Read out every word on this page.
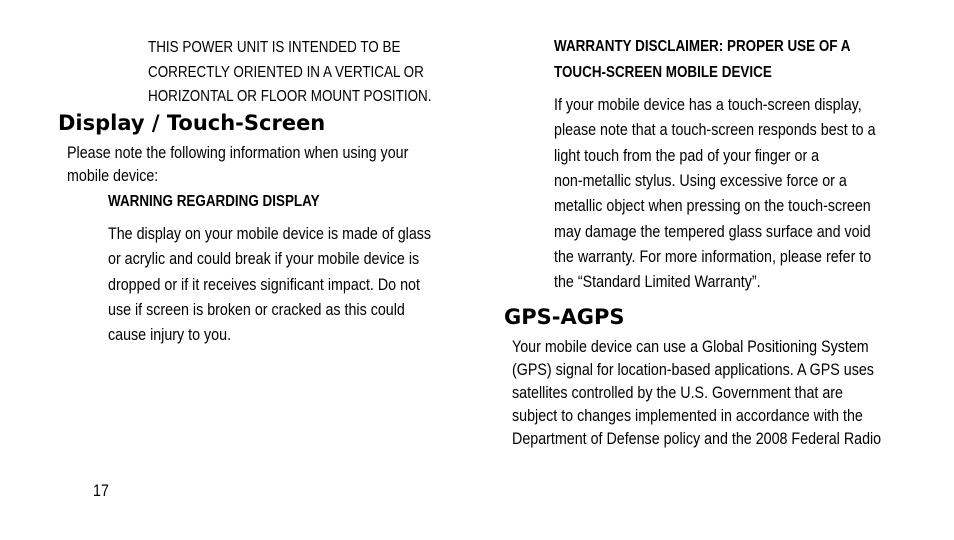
THIS POWER UNIT IS INTENDED TO BE
CORRECTLY ORIENTED IN A VERTICAL OR
HORIZONTAL OR FLOOR MOUNT POSITION.
Display / Touch-Screen
Please note the following information when using your
mobile device:
WARNING REGARDING DISPLAY
The display on your mobile device is made of glass
or acrylic and could break if your mobile device is
dropped or if it receives significant impact. Do not
use if screen is broken or cracked as this could
cause injury to you.
WARRANTY DISCLAIMER: PROPER USE OF A
TOUCH-SCREEN MOBILE DEVICE
If your mobile device has a touch-screen display,
please note that a touch-screen responds best to a
light touch from the pad of your finger or a
non-metallic stylus. Using excessive force or a
metallic object when pressing on the touch-screen
may damage the tempered glass surface and void
the warranty. For more information, please refer to
the “Standard Limited Warranty”.
GPS-AGPS
Your mobile device can use a Global Positioning System
(GPS) signal for location-based applications. A GPS uses
satellites controlled by the U.S. Government that are
subject to changes implemented in accordance with the
Department of Defense policy and the 2008 Federal Radio
17
